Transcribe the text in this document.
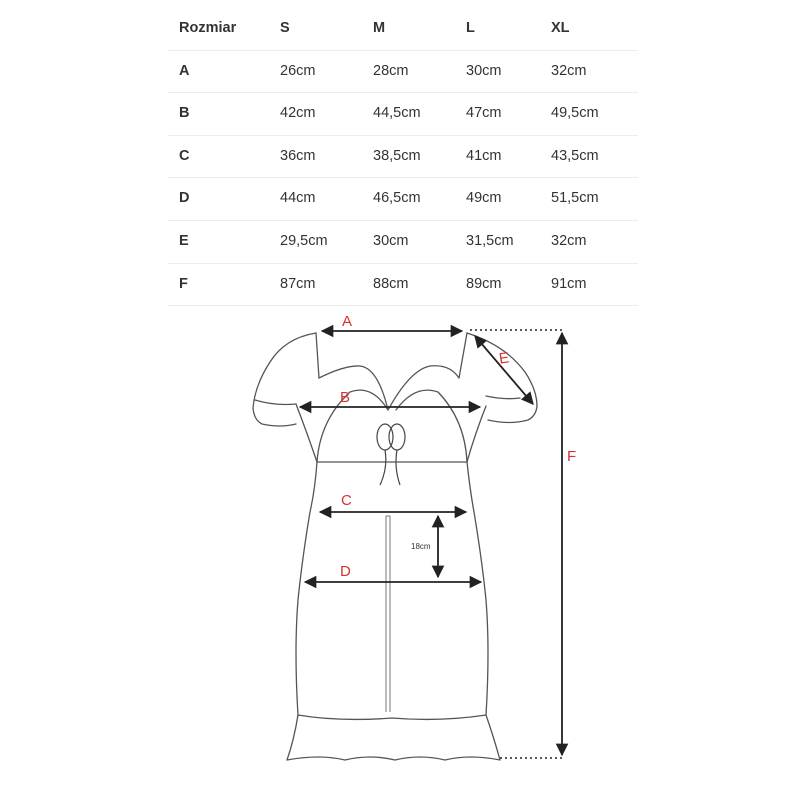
Rozmiar	S	M	L	XL
A	26cm	28cm	30cm	32cm
B	42cm	44,5cm	47cm	49,5cm
C	36cm	38,5cm	41cm	43,5cm
D	44cm	46,5cm	49cm	51,5cm
E	29,5cm	30cm	31,5cm	32cm
F	87cm	88cm	89cm	91cm
A
B
C
D
E
F
18cm
